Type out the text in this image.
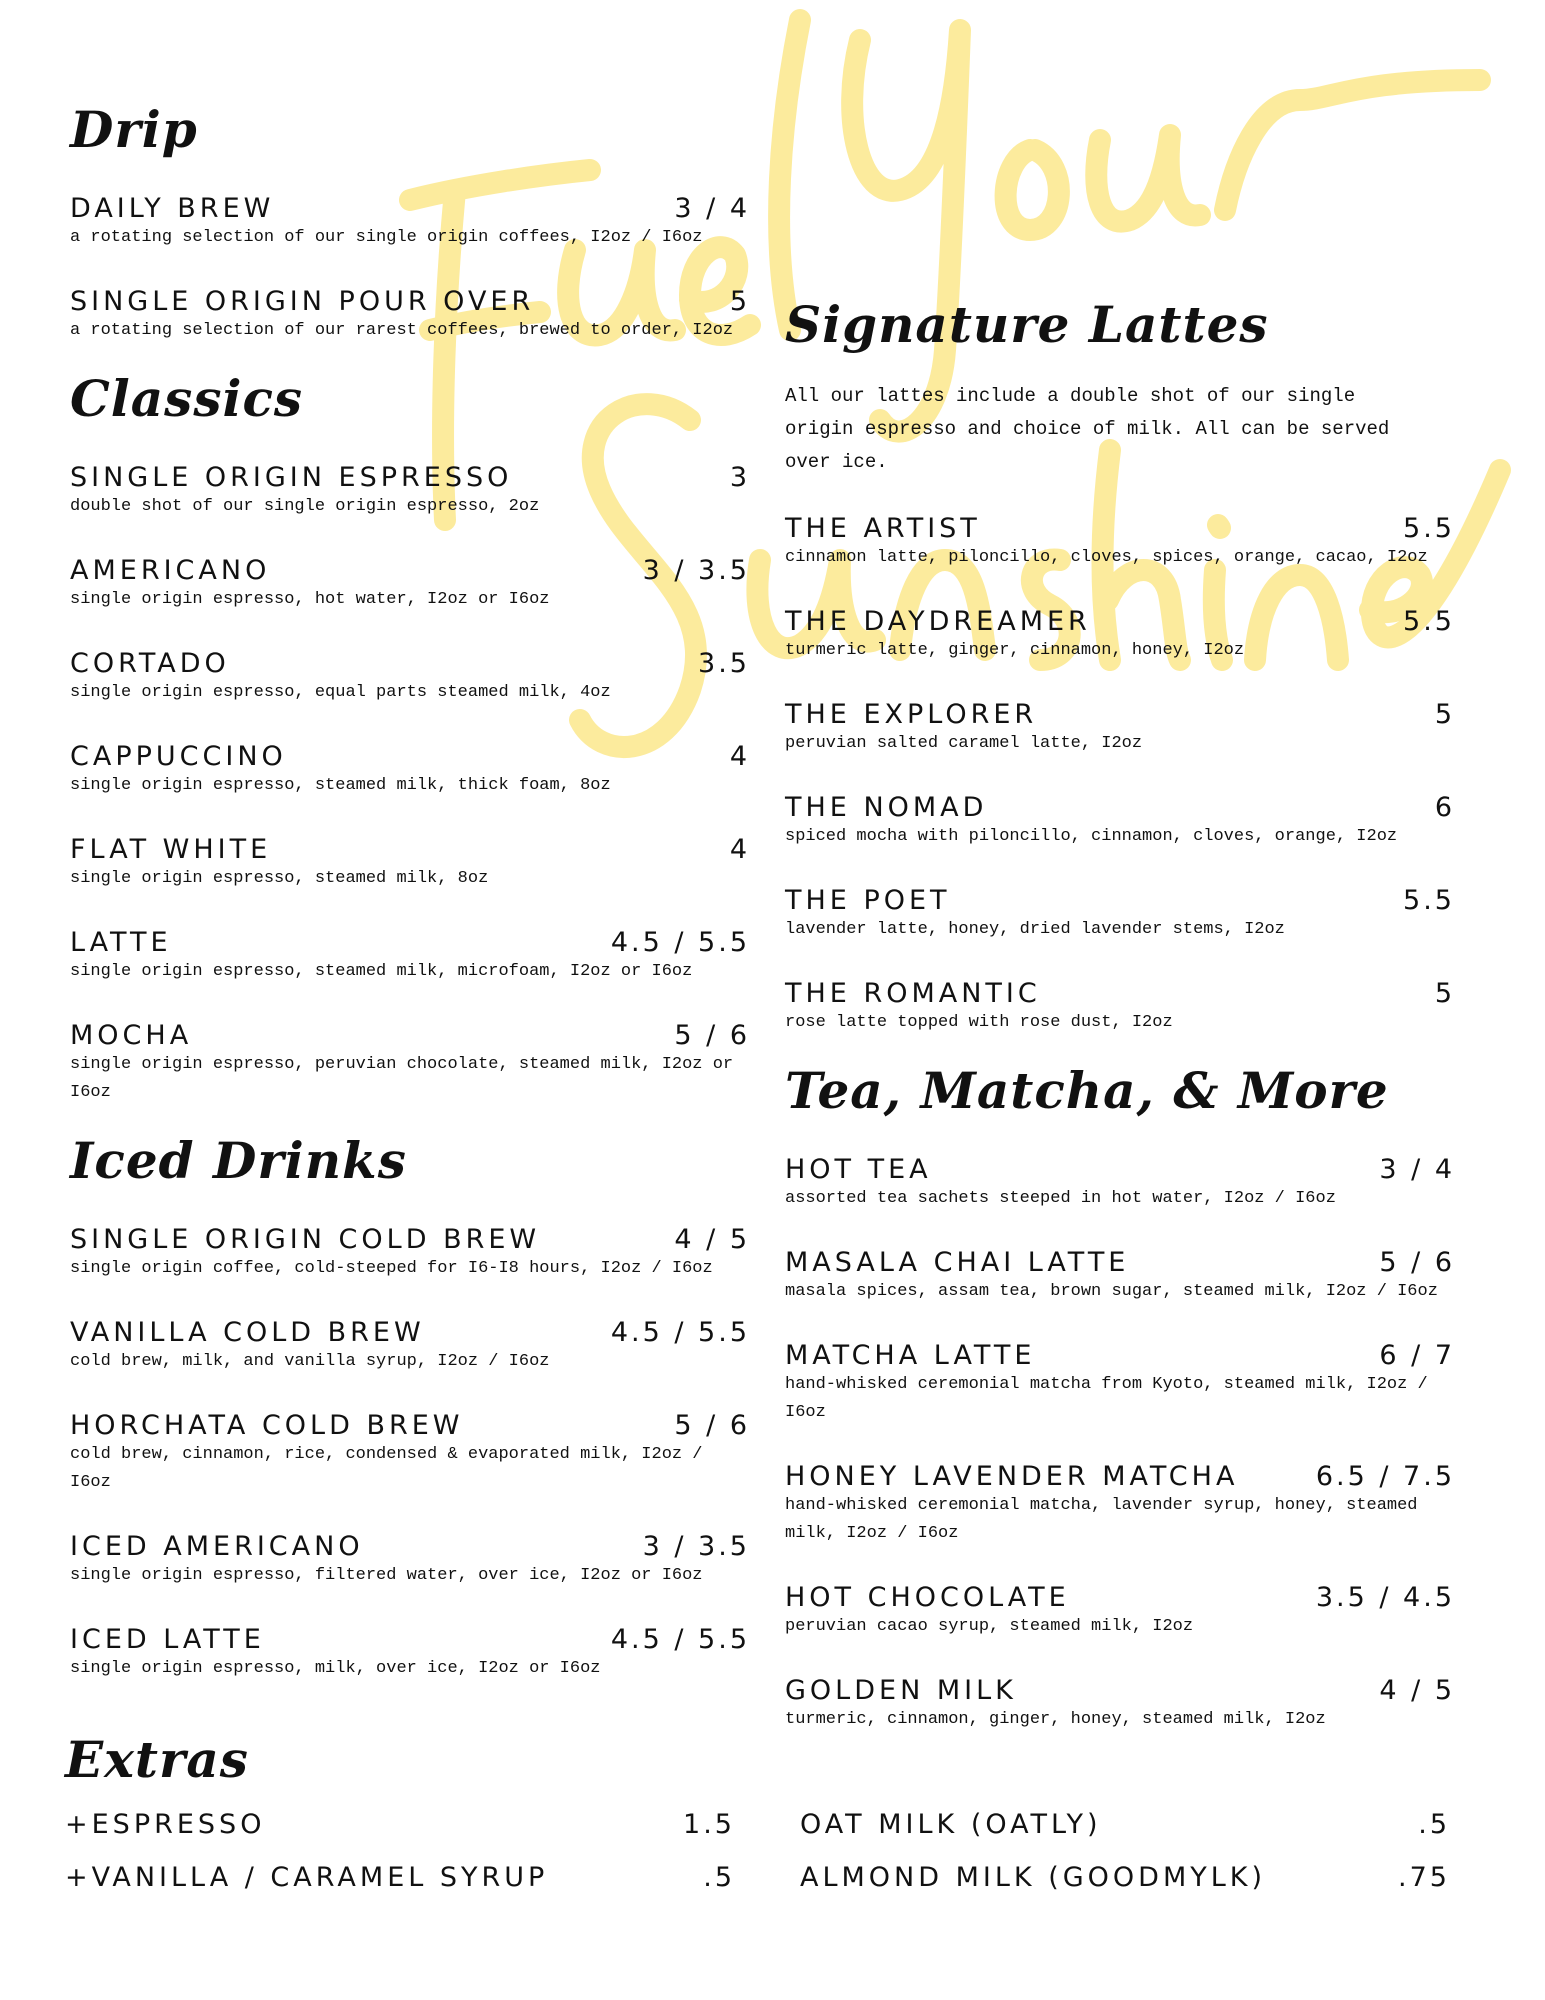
Drip
DAILY BREW	3 / 4
a rotating selection of our single origin coffees, I2oz / I6oz
SINGLE ORIGIN POUR OVER	5
a rotating selection of our rarest coffees, brewed to order, I2oz
Classics
SINGLE ORIGIN ESPRESSO	3
double shot of our single origin espresso, 2oz
AMERICANO	3 / 3.5
single origin espresso, hot water, I2oz or I6oz
CORTADO	3.5
single origin espresso, equal parts steamed milk, 4oz
CAPPUCCINO	4
single origin espresso, steamed milk, thick foam, 8oz
FLAT WHITE	4
single origin espresso, steamed milk, 8oz
LATTE	4.5 / 5.5
single origin espresso, steamed milk, microfoam, I2oz or I6oz
MOCHA	5 / 6
single origin espresso, peruvian chocolate, steamed milk, I2oz or I6oz
Iced Drinks
SINGLE ORIGIN COLD BREW	4 / 5
single origin coffee, cold-steeped for I6-I8 hours, I2oz / I6oz
VANILLA COLD BREW	4.5 / 5.5
cold brew, milk, and vanilla syrup, I2oz / I6oz
HORCHATA COLD BREW	5 / 6
cold brew, cinnamon, rice, condensed & evaporated milk, I2oz / I6oz
ICED AMERICANO	3 / 3.5
single origin espresso, filtered water, over ice, I2oz or I6oz
ICED LATTE	4.5 / 5.5
single origin espresso, milk, over ice, I2oz or I6oz
Signature Lattes
All our lattes include a double shot of our single origin espresso and choice of milk. All can be served over ice.
THE ARTIST	5.5
cinnamon latte, piloncillo, cloves, spices, orange, cacao, I2oz
THE DAYDREAMER	5.5
turmeric latte, ginger, cinnamon, honey, I2oz
THE EXPLORER	5
peruvian salted caramel latte, I2oz
THE NOMAD	6
spiced mocha with piloncillo, cinnamon, cloves, orange, I2oz
THE POET	5.5
lavender latte, honey, dried lavender stems, I2oz
THE ROMANTIC	5
rose latte topped with rose dust, I2oz
Tea, Matcha, & More
HOT TEA	3 / 4
assorted tea sachets steeped in hot water, I2oz / I6oz
MASALA CHAI LATTE	5 / 6
masala spices, assam tea, brown sugar, steamed milk, I2oz / I6oz
MATCHA LATTE	6 / 7
hand-whisked ceremonial matcha from Kyoto, steamed milk, I2oz / I6oz
HONEY LAVENDER MATCHA	6.5 / 7.5
hand-whisked ceremonial matcha, lavender syrup, honey, steamed milk, I2oz / I6oz
HOT CHOCOLATE	3.5 / 4.5
peruvian cacao syrup, steamed milk, I2oz
GOLDEN MILK	4 / 5
turmeric, cinnamon, ginger, honey, steamed milk, I2oz
Extras
+ESPRESSO	1.5
+VANILLA / CARAMEL SYRUP	.5
OAT MILK (OATLY)	.5
ALMOND MILK (GOODMYLK)	.75
